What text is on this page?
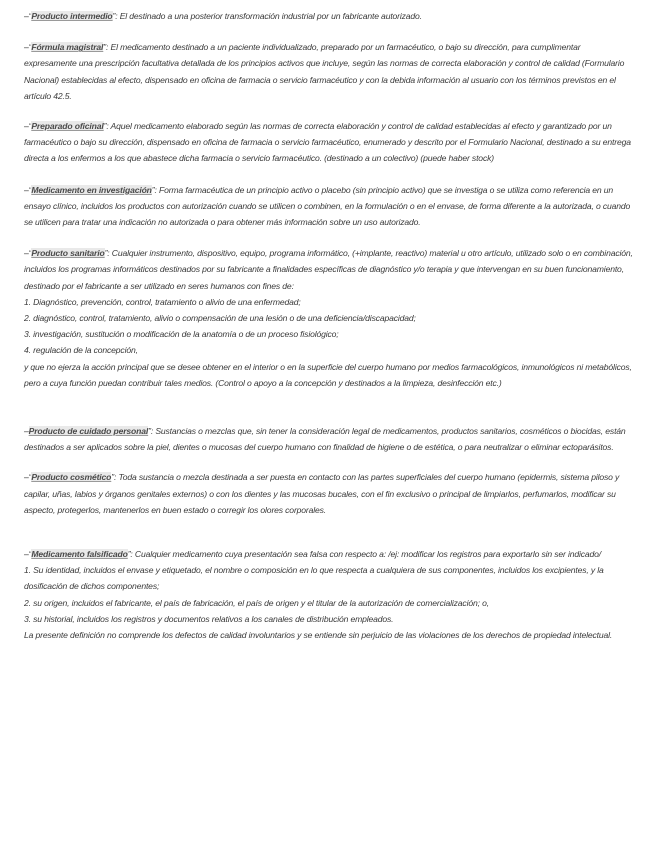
–“Producto intermedio”: El destinado a una posterior transformación industrial por un fabricante autorizado.

–“Fórmula magistral”: El medicamento destinado a un paciente individualizado, preparado por un farmacéutico, o bajo su dirección, para cumplimentar expresamente una prescripción facultativa detallada de los principios activos que incluye, según las normas de correcta elaboración y control de calidad (Formulario Nacional) establecidas al efecto, dispensado en oficina de farmacia o servicio farmacéutico y con la debida información al usuario con los términos previstos en el artículo 42.5.

–“Preparado oficinal”: Aquel medicamento elaborado según las normas de correcta elaboración y control de calidad establecidas al efecto y garantizado por un farmacéutico o bajo su dirección, dispensado en oficina de farmacia o servicio farmacéutico, enumerado y descrito por el Formulario Nacional, destinado a su entrega directa a los enfermos a los que abastece dicha farmacia o servicio farmacéutico. (destinado a un colectivo) (puede haber stock)

–“Medicamento en investigación”: Forma farmacéutica de un principio activo o placebo (sin principio activo) que se investiga o se utiliza como referencia en un ensayo clínico, incluidos los productos con autorización cuando se utilicen o combinen, en la formulación o en el envase, de forma diferente a la autorizada, o cuando se utilicen para tratar una indicación no autorizada o para obtener más información sobre un uso autorizado.

–“Producto sanitario”: Cualquier instrumento, dispositivo, equipo, programa informático, (+implante, reactivo) material u otro artículo, utilizado solo o en combinación, incluidos los programas informáticos destinados por su fabricante a finalidades específicas de diagnóstico y/o terapia y que intervengan en su buen funcionamiento, destinado por el fabricante a ser utilizado en seres humanos con fines de:
1. Diagnóstico, prevención, control, tratamiento o alivio de una enfermedad;
2. diagnóstico, control, tratamiento, alivio o compensación de una lesión o de una deficiencia/discapacidad;
3. investigación, sustitución o modificación de la anatomía o de un proceso fisiológico;
4. regulación de la concepción,
y que no ejerza la acción principal que se desee obtener en el interior o en la superficie del cuerpo humano por medios farmacológicos, inmunológicos ni metabólicos, pero a cuya función puedan contribuir tales medios. (Control o apoyo a la concepción y destinados a la limpieza, desinfección etc.)

–Producto de cuidado personal”: Sustancias o mezclas que, sin tener la consideración legal de medicamentos, productos sanitarios, cosméticos o biocidas, están destinados a ser aplicados sobre la piel, dientes o mucosas del cuerpo humano con finalidad de higiene o de estética, o para neutralizar o eliminar ectoparásitos.

–“Producto cosmético”: Toda sustancia o mezcla destinada a ser puesta en contacto con las partes superficiales del cuerpo humano (epidermis, sistema piloso y capilar, uñas, labios y órganos genitales externos) o con los dientes y las mucosas bucales, con el fin exclusivo o principal de limpiarlos, perfumarlos, modificar su aspecto, protegerlos, mantenerlos en buen estado o corregir los olores corporales.

–“Medicamento falsificado”: Cualquier medicamento cuya presentación sea falsa con respecto a: /ej: modificar los registros para exportarlo sin ser indicado/
1. Su identidad, incluidos el envase y etiquetado, el nombre o composición en lo que respecta a cualquiera de sus componentes, incluidos los excipientes, y la dosificación de dichos componentes;
2. su origen, incluidos el fabricante, el país de fabricación, el país de origen y el titular de la autorización de comercialización; o,
3. su historial, incluidos los registros y documentos relativos a los canales de distribución empleados.
La presente definición no comprende los defectos de calidad involuntarios y se entiende sin perjuicio de las violaciones de los derechos de propiedad intelectual.
